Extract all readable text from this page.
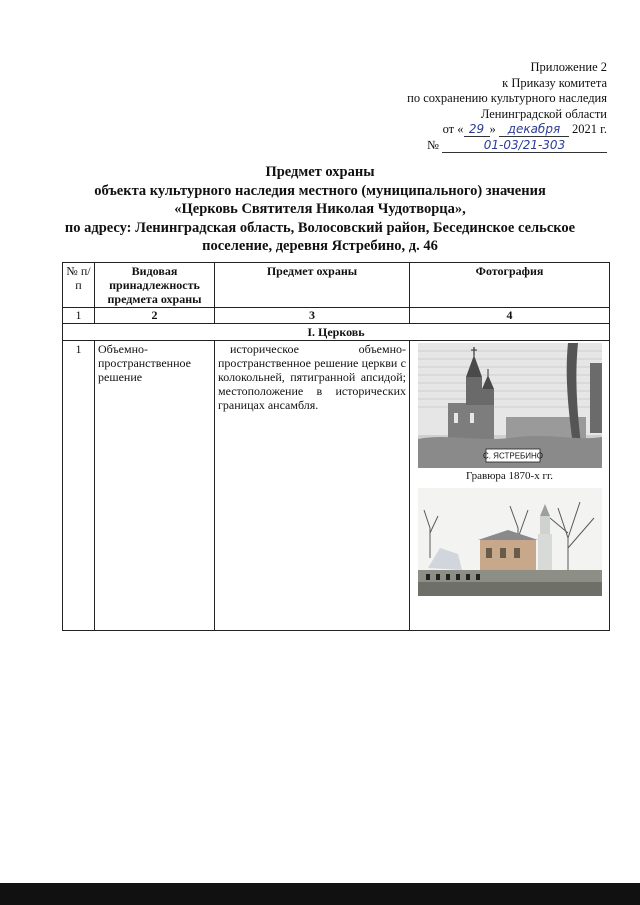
Приложение 2
к Приказу комитета
по сохранению культурного наследия
Ленинградской области
от « 29 » декабря 2021 г.
№	01-03/21-303
Предмет охраны
объекта культурного наследия местного (муниципального) значения
«Церковь Святителя Николая Чудотворца»,
по адресу: Ленинградская область, Волосовский район, Бесединское сельское
поселение, деревня Ястребино, д. 46
№ п/п	Видовая принадлежность предмета охраны	Предмет охраны	Фотография
1	2	3	4
I. Церковь			
1	Объемно-пространственное решение	историческое объемно-пространственное решение церкви с колокольней, пятигранной апсидой; местоположение в исторических границах ансамбля.	С. ЯСТРЕБИНО
Гравюра 1870-х гг.
